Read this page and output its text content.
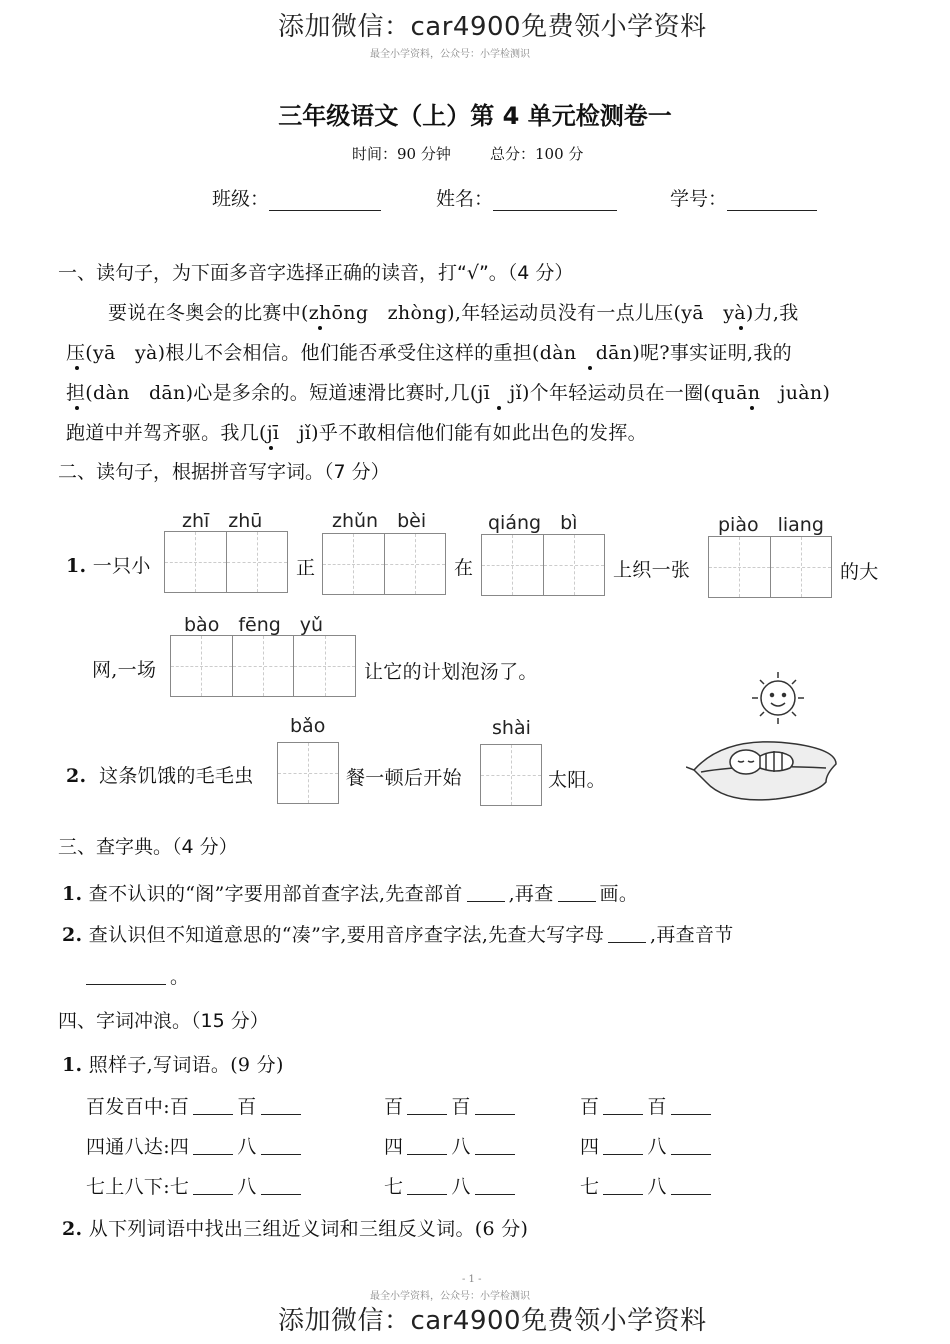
添加微信：car4900免费领小学资料
最全小学资料，公众号：小学检测识
三年级语文（上）第 4 单元检测卷一
时间：90 分钟	总分：100 分
班级：	姓名：	学号：
一、读句子，为下面多音字选择正确的读音，打“√”。（4 分）
要说在冬奥会的比赛中(zhōng　zhòng),年轻运动员没有一点儿压(yā　yà)力,我
压(yā　yà)根儿不会相信。他们能否承受住这样的重担(dàn　dān)呢?事实证明,我的
担(dàn　dān)心是多余的。短道速滑比赛时,几(jī　jǐ)个年轻运动员在一圈(quān　juàn)
跑道中并驾齐驱。我几(jī　jǐ)乎不敢相信他们能有如此出色的发挥。
二、读句子，根据拼音写字词。（7 分）
zhī　zhū	zhǔn　bèi	qiáng　bì	piào　liang
1. 一只小	正	在	上织一张	的大
bào　fēng　yǔ
网,一场	让它的计划泡汤了。
bǎo	shài
2. 这条饥饿的毛毛虫	餐一顿后开始	太阳。
三、查字典。（4 分）
1. 查不认识的“阁”字要用部首查字法,先查部首 ,再查 画。
2. 查认识但不知道意思的“凑”字,要用音序查字法,先查大写字母 ,再查音节
。
四、字词冲浪。（15 分）
1. 照样子,写词语。(9 分)
百发百中:百	百	百	百	百	百
四通八达:四	八	四	八	四	八
七上八下:七	八	七	八	七	八
2. 从下列词语中找出三组近义词和三组反义词。(6 分)
- 1 -
最全小学资料，公众号：小学检测识
添加微信：car4900免费领小学资料
